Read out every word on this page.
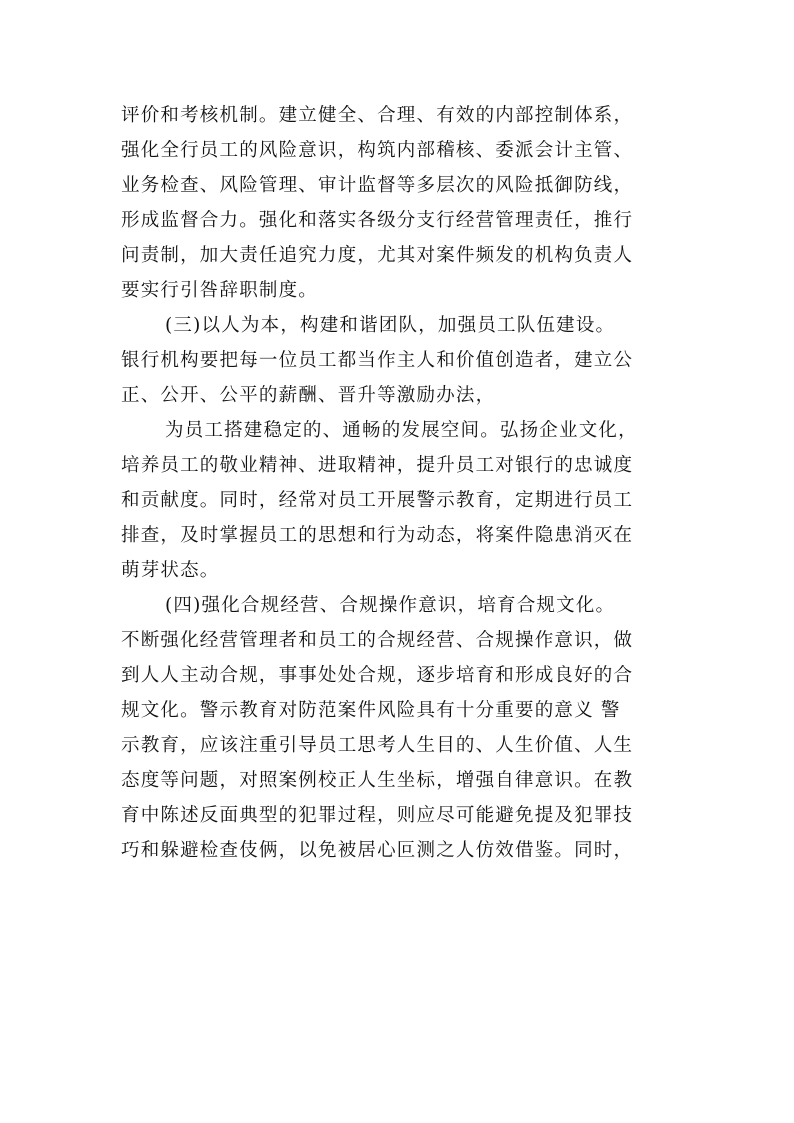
评价和考核机制。建立健全、合理、有效的内部控制体系，
强化全行员工的风险意识，构筑内部稽核、委派会计主管、
业务检查、风险管理、审计监督等多层次的风险抵御防线，
形成监督合力。强化和落实各级分支行经营管理责任，推行
问责制，加大责任追究力度，尤其对案件频发的机构负责人
要实行引咎辞职制度。
(三)以人为本，构建和谐团队，加强员工队伍建设。
银行机构要把每一位员工都当作主人和价值创造者，建立公
正、公开、公平的薪酬、晋升等激励办法，
为员工搭建稳定的、通畅的发展空间。弘扬企业文化，
培养员工的敬业精神、进取精神，提升员工对银行的忠诚度
和贡献度。同时，经常对员工开展警示教育，定期进行员工
排查，及时掌握员工的思想和行为动态，将案件隐患消灭在
萌芽状态。
(四)强化合规经营、合规操作意识，培育合规文化。
不断强化经营管理者和员工的合规经营、合规操作意识，做
到人人主动合规，事事处处合规，逐步培育和形成良好的合
规文化。警示教育对防范案件风险具有十分重要的意义 警
示教育，应该注重引导员工思考人生目的、人生价值、人生
态度等问题，对照案例校正人生坐标，增强自律意识。在教
育中陈述反面典型的犯罪过程，则应尽可能避免提及犯罪技
巧和躲避检查伎俩，以免被居心叵测之人仿效借鉴。同时，
